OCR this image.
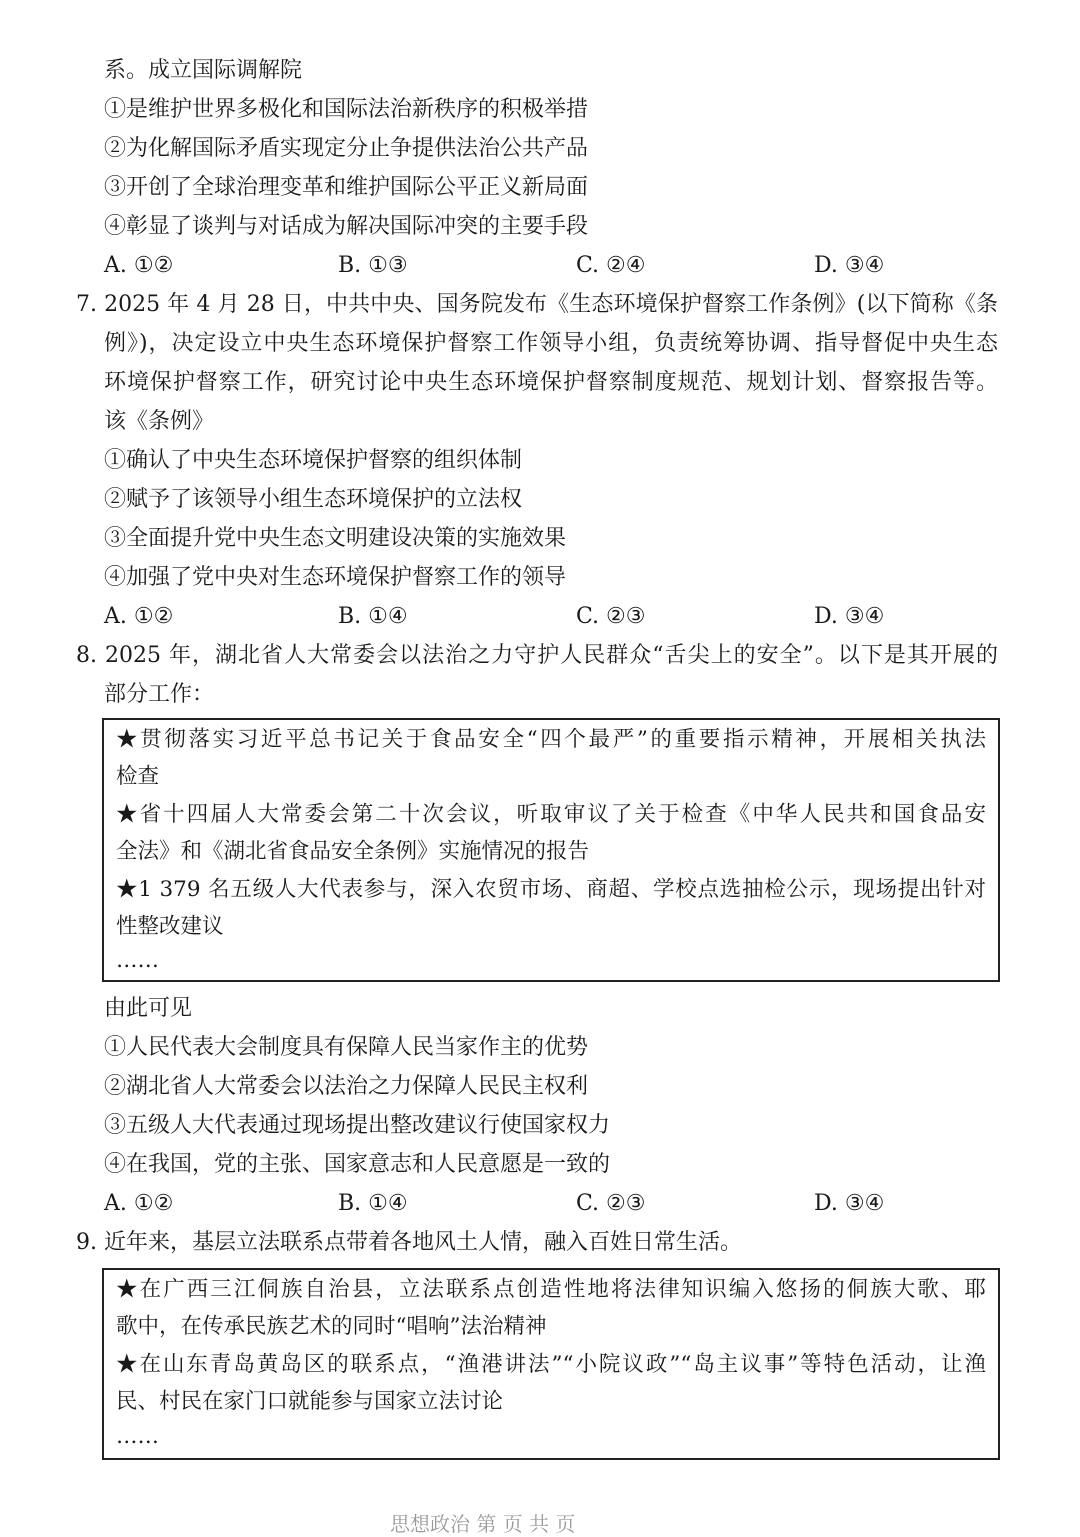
系。成立国际调解院
①是维护世界多极化和国际法治新秩序的积极举措
②为化解国际矛盾实现定分止争提供法治公共产品
③开创了全球治理变革和维护国际公平正义新局面
④彰显了谈判与对话成为解决国际冲突的主要手段
A. ①②	B. ①③	C. ②④	D. ③④
7. 2025 年 4 月 28 日，中共中央、国务院发布《生态环境保护督察工作条例》(以下简称《条
例》)，决定设立中央生态环境保护督察工作领导小组，负责统筹协调、指导督促中央生态
环境保护督察工作，研究讨论中央生态环境保护督察制度规范、规划计划、督察报告等。
该《条例》
①确认了中央生态环境保护督察的组织体制
②赋予了该领导小组生态环境保护的立法权
③全面提升党中央生态文明建设决策的实施效果
④加强了党中央对生态环境保护督察工作的领导
A. ①②	B. ①④	C. ②③	D. ③④
8. 2025 年，湖北省人大常委会以法治之力守护人民群众“舌尖上的安全”。以下是其开展的
部分工作：
★贯彻落实习近平总书记关于食品安全“四个最严”的重要指示精神，开展相关执法
检查
★省十四届人大常委会第二十次会议，听取审议了关于检查《中华人民共和国食品安
全法》和《湖北省食品安全条例》实施情况的报告
★1 379 名五级人大代表参与，深入农贸市场、商超、学校点选抽检公示，现场提出针对
性整改建议
……
由此可见
①人民代表大会制度具有保障人民当家作主的优势
②湖北省人大常委会以法治之力保障人民民主权利
③五级人大代表通过现场提出整改建议行使国家权力
④在我国，党的主张、国家意志和人民意愿是一致的
A. ①②	B. ①④	C. ②③	D. ③④
9. 近年来，基层立法联系点带着各地风土人情，融入百姓日常生活。
★在广西三江侗族自治县，立法联系点创造性地将法律知识编入悠扬的侗族大歌、耶
歌中，在传承民族艺术的同时“唱响”法治精神
★在山东青岛黄岛区的联系点，“渔港讲法”“小院议政”“岛主议事”等特色活动，让渔
民、村民在家门口就能参与国家立法讨论
……
思想政治 第 页 共 页
